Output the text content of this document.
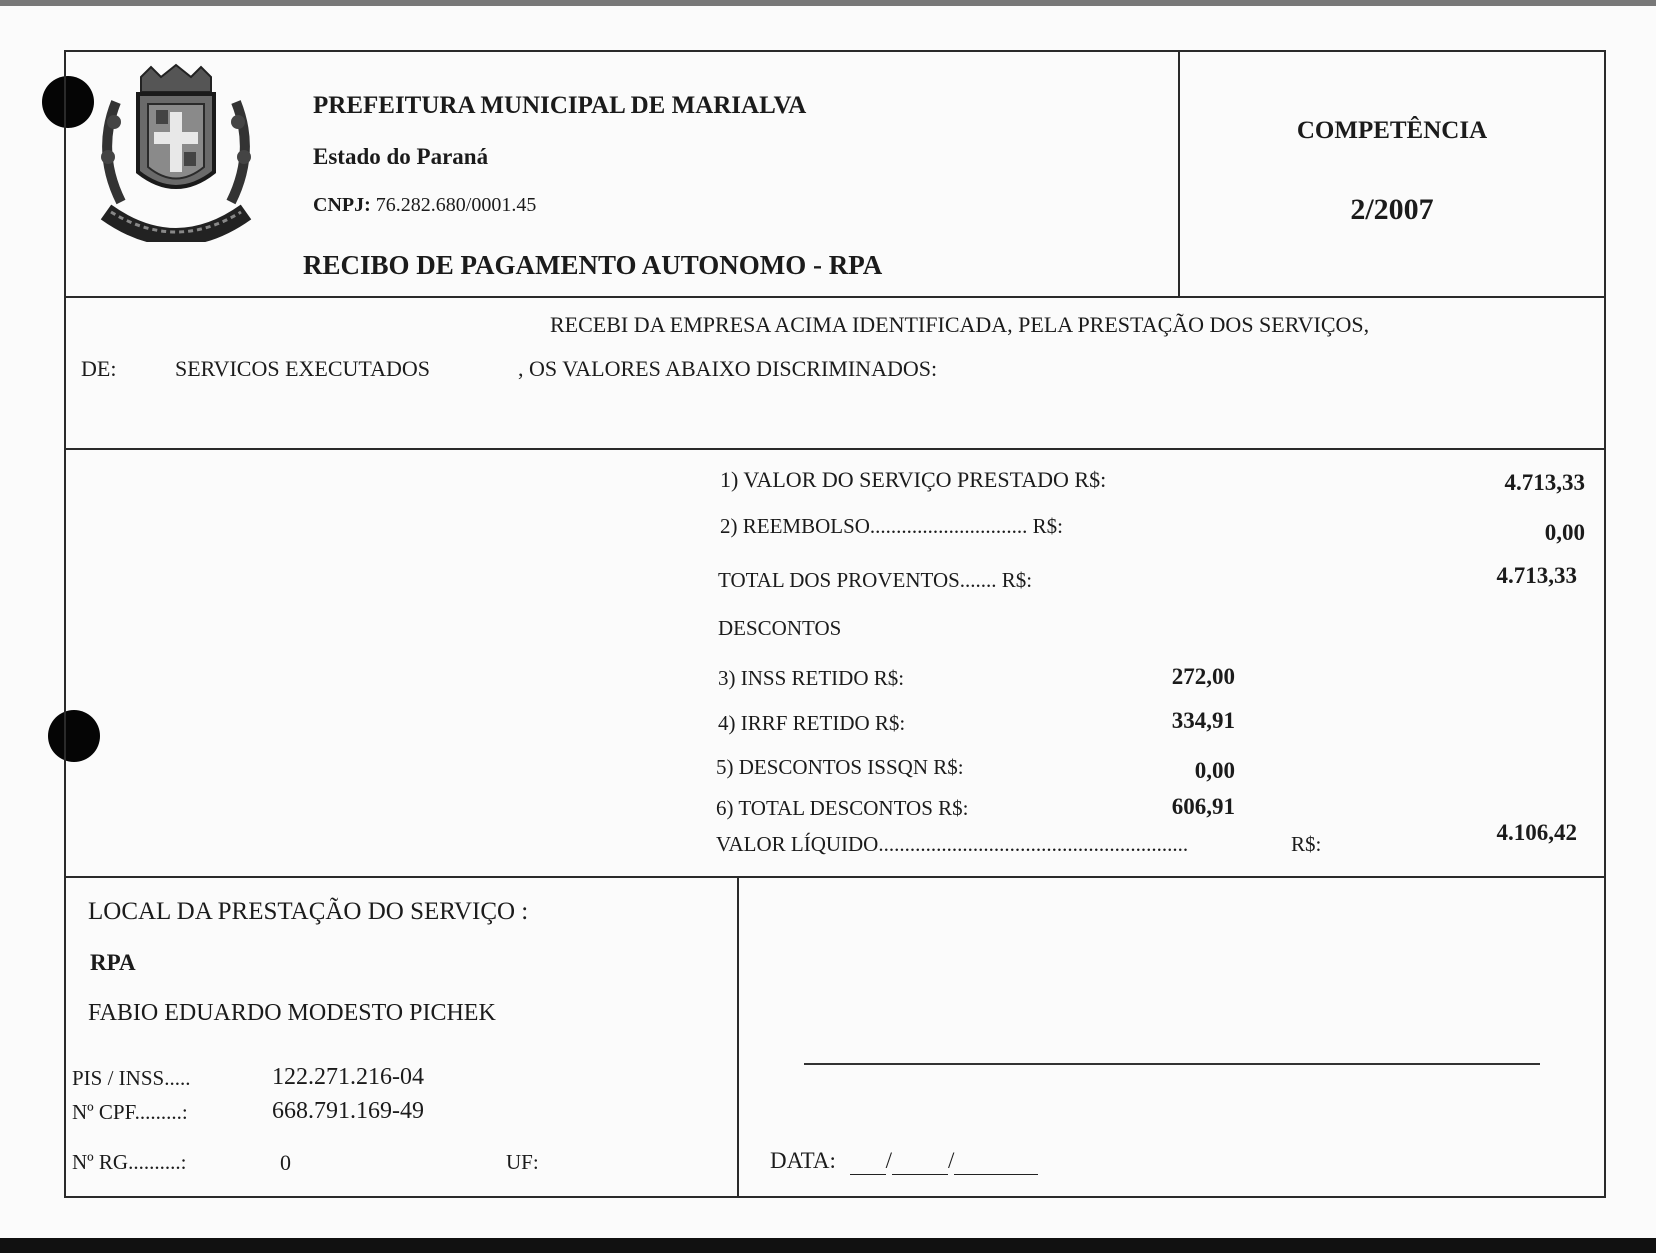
PREFEITURA MUNICIPAL DE MARIALVA
Estado do Paraná
CNPJ: 76.282.680/0001.45
RECIBO DE PAGAMENTO AUTONOMO - RPA
COMPETÊNCIA
2/2007
RECEBI DA EMPRESA ACIMA IDENTIFICADA, PELA PRESTAÇÃO DOS SERVIÇOS,
DE:	SERVICOS EXECUTADOS	, OS VALORES ABAIXO DISCRIMINADOS:
1) VALOR DO SERVIÇO PRESTADO R$:	4.713,33
2) REEMBOLSO.............................. R$:	0,00
TOTAL DOS PROVENTOS....... R$:	4.713,33
DESCONTOS
3) INSS RETIDO R$:	272,00
4) IRRF RETIDO R$:	334,91
5) DESCONTOS ISSQN R$:	0,00
6) TOTAL DESCONTOS R$:	606,91
VALOR LÍQUIDO...........................................................	R$:	4.106,42
LOCAL DA PRESTAÇÃO DO SERVIÇO :
RPA
FABIO EDUARDO MODESTO PICHEK
PIS / INSS.....	122.271.216-04
Nº CPF.........:	668.791.169-49
Nº RG..........:	0	UF:	DATA: / /
